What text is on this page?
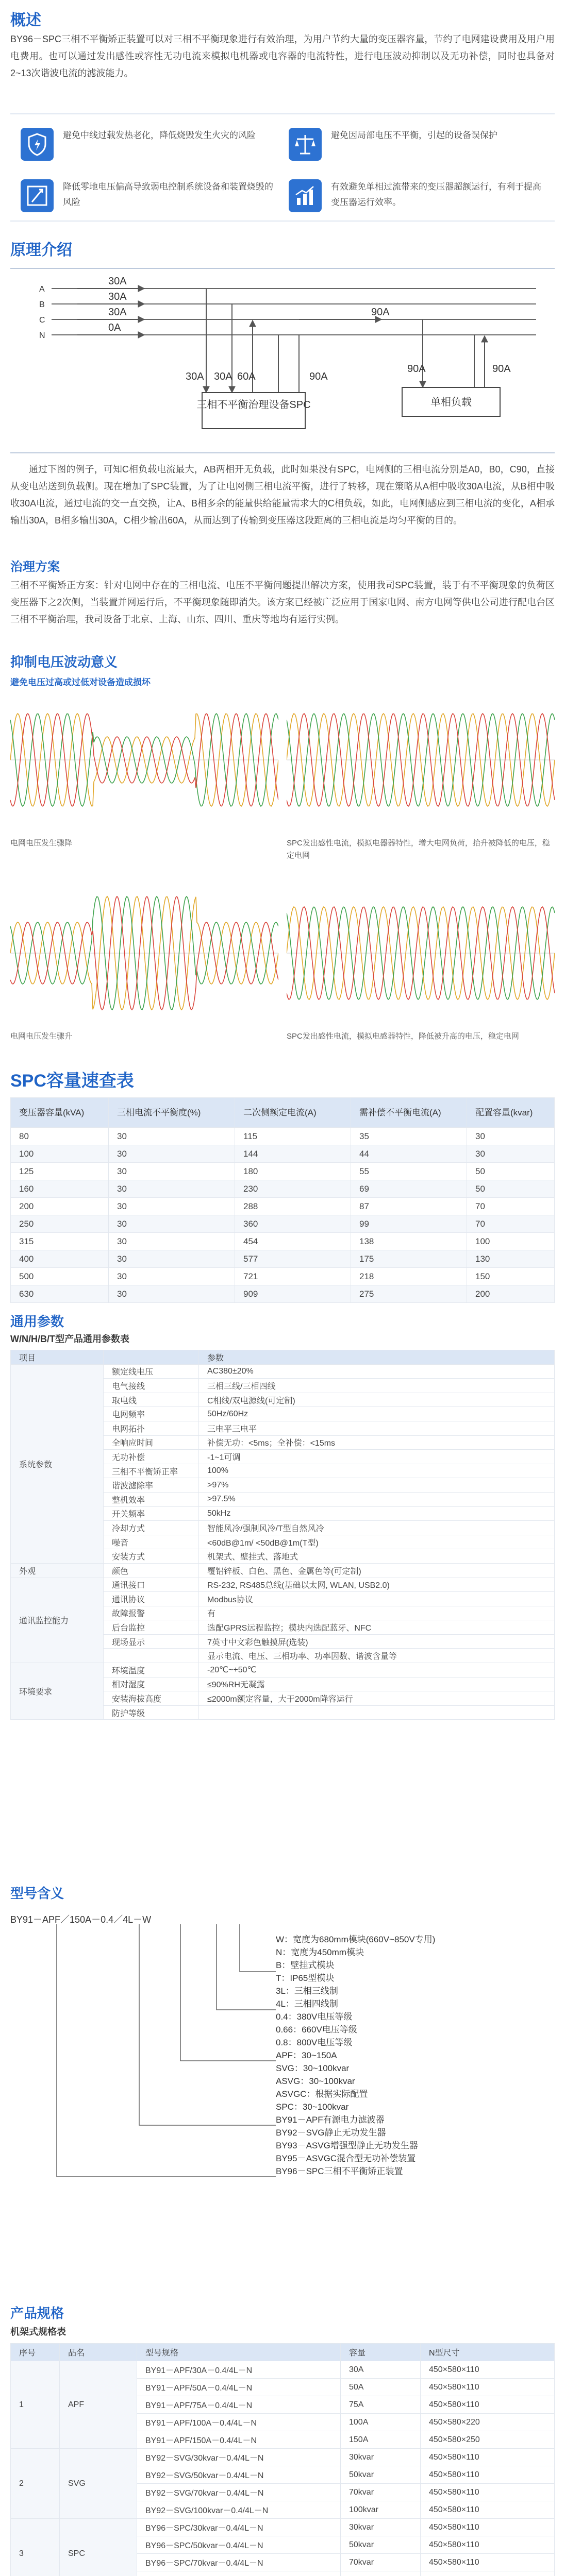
概述
BY96－SPC三相不平衡矫正装置可以对三相不平衡现象进行有效治理，为用户节约大量的变压器容量，节约了电网建设费用及用户用电费用。也可以通过发出感性或容性无功电流来模拟电机器或电容器的电流特性，进行电压波动抑制以及无功补偿，同时也具备对2~13次谐波电流的滤波能力。
避免中线过载发热老化，降低烧毁发生火灾的风险	避免因局部电压不平衡，引起的设备误保护
降低零地电压偏高导致弱电控制系统设备和装置烧毁的风险
有效避免单相过流带来的变压器超额运行，有利于提高变压器运行效率。
原理介绍
A
B
C
N
30A
30A
30A
0A
90A
30A 30A 60A	90A
三相不平衡治理设备SPC
90A	90A
单相负载
通过下图的例子，可知C相负载电流最大，AB两相开无负载，此时如果没有SPC，电网侧的三相电流分别是A0，B0，C90，直接从变电站送到负载侧。现在增加了SPC装置，为了让电网侧三相电流平衡，进行了转移，现在策略从A相中吸收30A电流，从B相中吸收30A电流，通过电流的交一直交换，让A、B相多余的能量供给能量需求大的C相负载，如此，电网侧感应到三相电流的变化，A相承输出30A，B相多输出30A，C相少输出60A，从而达到了传输到变压器这段距离的三相电流是均匀平衡的目的。
治理方案
三相不平衡矫正方案：针对电网中存在的三相电流、电压不平衡问题提出解决方案，使用我司SPC装置，装于有不平衡现象的负荷区变压器下之2次侧，当装置并网运行后，不平衡现象随即消失。该方案已经被广泛应用于国家电网、南方电网等供电公司进行配电台区三相不平衡治理，我司设备于北京、上海、山东、四川、重庆等地均有运行实例。
抑制电压波动意义
避免电压过高或过低对设备造成损坏
电网电压发生骤降	SPC发出感性电流，模拟电器器特性，增大电网负荷，抬升被降低的电压，稳定电网
电网电压发生骤升	SPC发出感性电流，模拟电感器特性，降低被升高的电压，稳定电网
SPC容量速查表
变压器容量(kVA)	三相电流不平衡度(%)	二次侧额定电流(A)	需补偿不平衡电流(A)	配置容量(kvar)
80	30	115	35	30
100	30	144	44	30
125	30	180	55	50
160	30	230	69	50
200	30	288	87	70
250	30	360	99	70
315	30	454	138	100
400	30	577	175	130
500	30	721	218	150
630	30	909	275	200
通用参数
W/N/H/B/T型产品通用参数表
项目		参数
系统参数	额定线电压	AC380±20%
	电气接线	三相三线/三相四线
	取电线	C相线/双电源线(可定制)
	电网频率	50Hz/60Hz
	电网拓扑	三电平三电平
	全响应时间	补偿无功：<5ms；全补偿：<15ms
	无功补偿	-1~1可调
	三相不平衡矫正率	100%
	谐波滤除率	>97%
	整机效率	>97.5%
	开关频率	50kHz
	冷却方式	智能风冷/强制风冷/T型自然风冷
	噪音	<60dB@1m/ <50dB@1m(T型)
	安装方式	机架式、壁挂式、落地式
外观	颜色	覆铝锌板、白色、黑色、金属色等(可定制)
通讯监控能力	通讯接口	RS-232, RS485总线(基础以太网, WLAN, USB2.0)
	通讯协议	Modbus协议
	故障报警	有
	后台监控	选配GPRS远程监控；模块内选配蓝牙、NFC
	现场显示	7英寸中文彩色触摸屏(选装)
		显示电流、电压、三相功率、功率因数、谐波含量等
环境要求	环境温度	-20℃~+50℃
	相对湿度	≤90%RH无凝露
	安装海拔高度	≤2000m额定容量，大于2000m降容运行
	防护等级	
型号含义
BY91－APF／150A－0.4／4L－W
W：宽度为680mm模块(660V~850V专用)
N：宽度为450mm模块
B：壁挂式模块
T：IP65型模块
3L：三相三线制
4L：三相四线制
0.4：380V电压等级
0.66：660V电压等级
0.8：800V电压等级
APF：30~150A
SVG：30~100kvar
ASVG：30~100kvar
ASVGC：根据实际配置
SPC：30~100kvar
BY91－APF有源电力滤波器
BY92－SVG静止无功发生器
BY93－ASVG增强型静止无功发生器
BY95－ASVGC混合型无功补偿装置
BY96－SPC三相不平衡矫正装置
产品规格
机架式规格表
序号	品名	型号规格	容量	N型尺寸
1	APF	BY91－APF/30A－0.4/4L－N	30A	450×580×110
		BY91－APF/50A－0.4/4L－N	50A	450×580×110
		BY91－APF/75A－0.4/4L－N	75A	450×580×110
		BY91－APF/100A－0.4/4L－N	100A	450×580×220
		BY91－APF/150A－0.4/4L－N	150A	450×580×250
2	SVG	BY92－SVG/30kvar－0.4/4L－N	30kvar	450×580×110
		BY92－SVG/50kvar－0.4/4L－N	50kvar	450×580×110
		BY92－SVG/70kvar－0.4/4L－N	70kvar	450×580×110
		BY92－SVG/100kvar－0.4/4L－N	100kvar	450×580×110
3	SPC	BY96－SPC/30kvar－0.4/4L－N	30kvar	450×580×110
		BY96－SPC/50kvar－0.4/4L－N	50kvar	450×580×110
		BY96－SPC/70kvar－0.4/4L－N	70kvar	450×580×110
